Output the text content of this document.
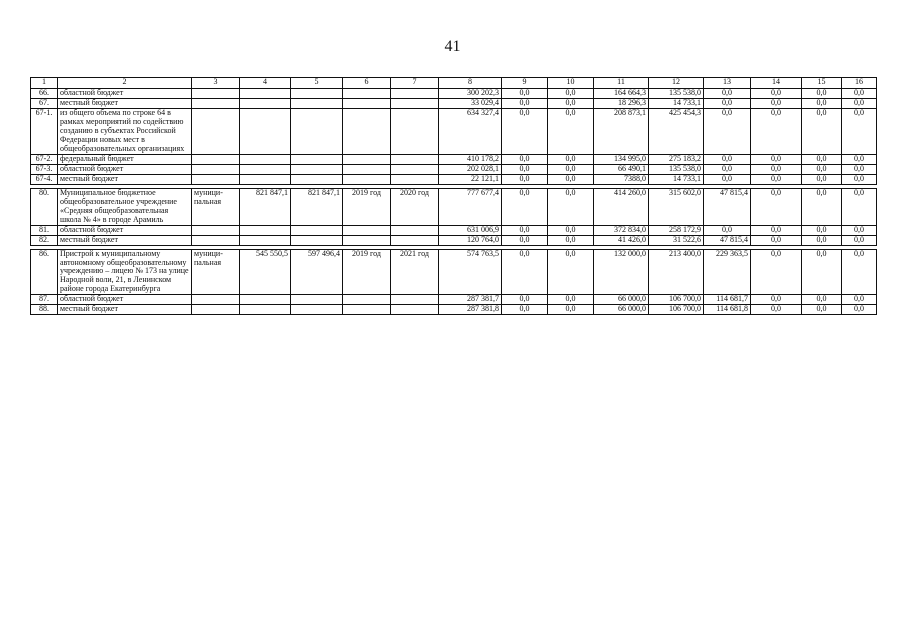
41
1	2	3	4	5	6	7	8	9	10	11	12	13	14	15	16
66.	областной бюджет						300 202,3	0,0	0,0	164 664,3	135 538,0	0,0	0,0	0,0	0,0
67.	местный бюджет						33 029,4	0,0	0,0	18 296,3	14 733,1	0,0	0,0	0,0	0,0
67-1.	из общего объема по строке 64 в рамках мероприятий по содействию созданию в субъектах Российской Федерации новых мест в общеобразовательных организациях						634 327,4	0,0	0,0	208 873,1	425 454,3	0,0	0,0	0,0	0,0
67-2.	федеральный бюджет						410 178,2	0,0	0,0	134 995,0	275 183,2	0,0	0,0	0,0	0,0
67-3.	областной бюджет						202 028,1	0,0	0,0	66 490,1	135 538,0	0,0	0,0	0,0	0,0
67-4.	местный бюджет						22 121,1	0,0	0,0	7388,0	14 733,1	0,0	0,0	0,0	0,0

80.	Муниципальное бюджетное общеобразовательное учреждение «Средняя общеобразовательная школа № 4» в городе Арамиль	муници-пальная	821 847,1	821 847,1	2019 год	2020 год	777 677,4	0,0	0,0	414 260,0	315 602,0	47 815,4	0,0	0,0	0,0
81.	областной бюджет						631 006,9	0,0	0,0	372 834,0	258 172,9	0,0	0,0	0,0	0,0
82.	местный бюджет						120 764,0	0,0	0,0	41 426,0	31 522,6	47 815,4	0,0	0,0	0,0

86.	Пристрой к муниципальному автономному общеобразовательному учреждению – лицею № 173 на улице Народной воли, 21, в Ленинском районе города Екатеринбурга	муници-пальная	545 550,5	597 496,4	2019 год	2021 год	574 763,5	0,0	0,0	132 000,0	213 400,0	229 363,5	0,0	0,0	0,0
87.	областной бюджет						287 381,7	0,0	0,0	66 000,0	106 700,0	114 681,7	0,0	0,0	0,0
88.	местный бюджет						287 381,8	0,0	0,0	66 000,0	106 700,0	114 681,8	0,0	0,0	0,0
